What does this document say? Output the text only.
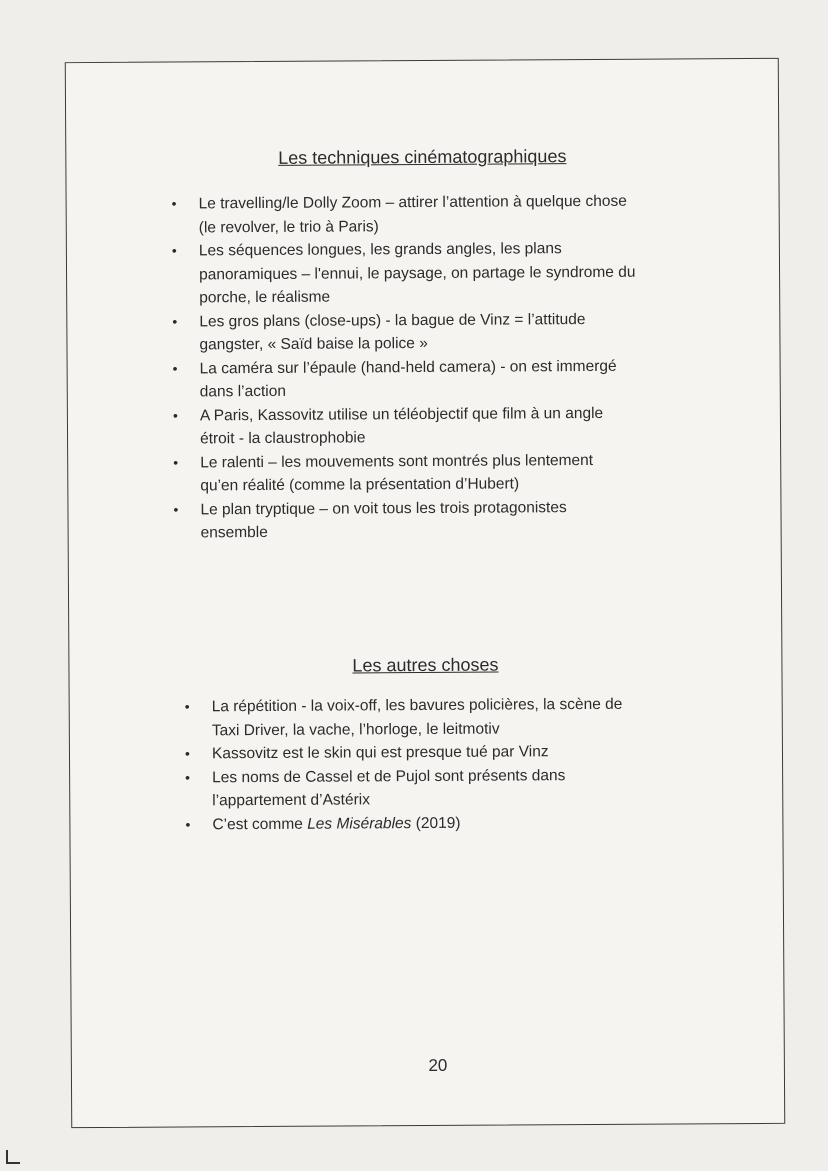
Les techniques cinématographiques
• Le travelling/le Dolly Zoom – attirer l’attention à quelque chose
(le revolver, le trio à Paris)
• Les séquences longues, les grands angles, les plans
panoramiques – l'ennui, le paysage, on partage le syndrome du
porche, le réalisme
• Les gros plans (close-ups) - la bague de Vinz = l’attitude
gangster, « Saïd baise la police »
• La caméra sur l’épaule (hand-held camera) - on est immergé
dans l’action
• A Paris, Kassovitz utilise un téléobjectif que film à un angle
étroit - la claustrophobie
• Le ralenti – les mouvements sont montrés plus lentement
qu’en réalité (comme la présentation d’Hubert)
• Le plan tryptique – on voit tous les trois protagonistes
ensemble
Les autres choses
• La répétition - la voix-off, les bavures policières, la scène de
Taxi Driver, la vache, l’horloge, le leitmotiv
• Kassovitz est le skin qui est presque tué par Vinz
• Les noms de Cassel et de Pujol sont présents dans
l’appartement d’Astérix
• C’est comme Les Misérables (2019)
20
